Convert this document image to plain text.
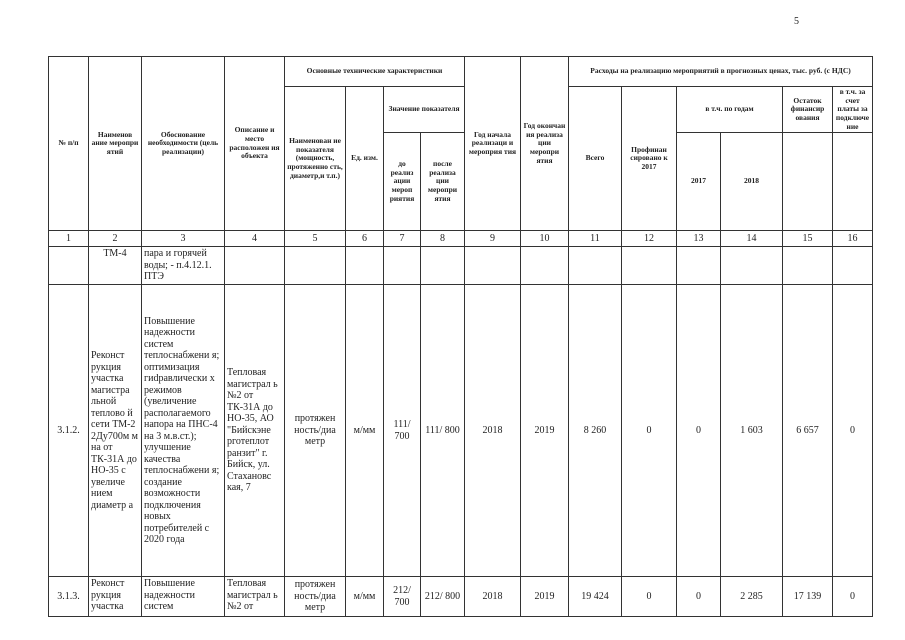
5
№ п/п	Наименов ание меропри ятий	Обоснование необходимости (цель реализации)	Описание и место расположен ия объекта	Основные технические характеристики				Год начала реализаци и мероприя тия	Год окончан ия реализа ции меропри ятия	Расходы на реализацию мероприятий в прогнозных ценах, тыс. руб. (с НДС)					
				Наименован ие показателя (мощность, протяженно сть, диаметр,и т.п.)	Ед. изм.	Значение показателя				Всего	Профинан сировано к 2017	в т.ч. по годам		Остаток финансир ования	в т.ч. за счет платы за подключе ние
						до реализ ации мероп риятия	после реализа ции меропри ятия					2017	2018		

1	2	3	4	5	6	7	8	9	10	11	12	13	14	15	16
	ТМ-4	пара и горячей воды; - п.4.12.1. ПТЭ													
3.1.2.	Реконст рукция участка магистра льной тепловo й сети ТМ-2 2Ду700м м на от ТК-31А до НО-35 с увеличе нием диаметр а	Повышение надежности систем теплоснабжени я; оптимизация гиdравлически х режимов (увеличение располагаемого напора на ПНС-4 на 3 м.в.ст.); улучшение качества теплоснабжени я; создание возможности подключения новых потребителей с 2020 года	Тепловая магистрал ь №2 от ТК-31А до НО-35, АО "Бийскэне рготеплот ранзит" г. Бийск, ул. Стахановс кая, 7	протяжен ность/диа метр	м/мм	111/ 700	111/ 800	2018	2019	8 260	0	0	1 603	6 657	0
3.1.3.	Реконст рукция участка	Повышение надежности систем	Тепловая магистрал ь №2 от	протяжен ность/диа метр	м/мм	212/ 700	212/ 800	2018	2019	19 424	0	0	2 285	17 139	0
